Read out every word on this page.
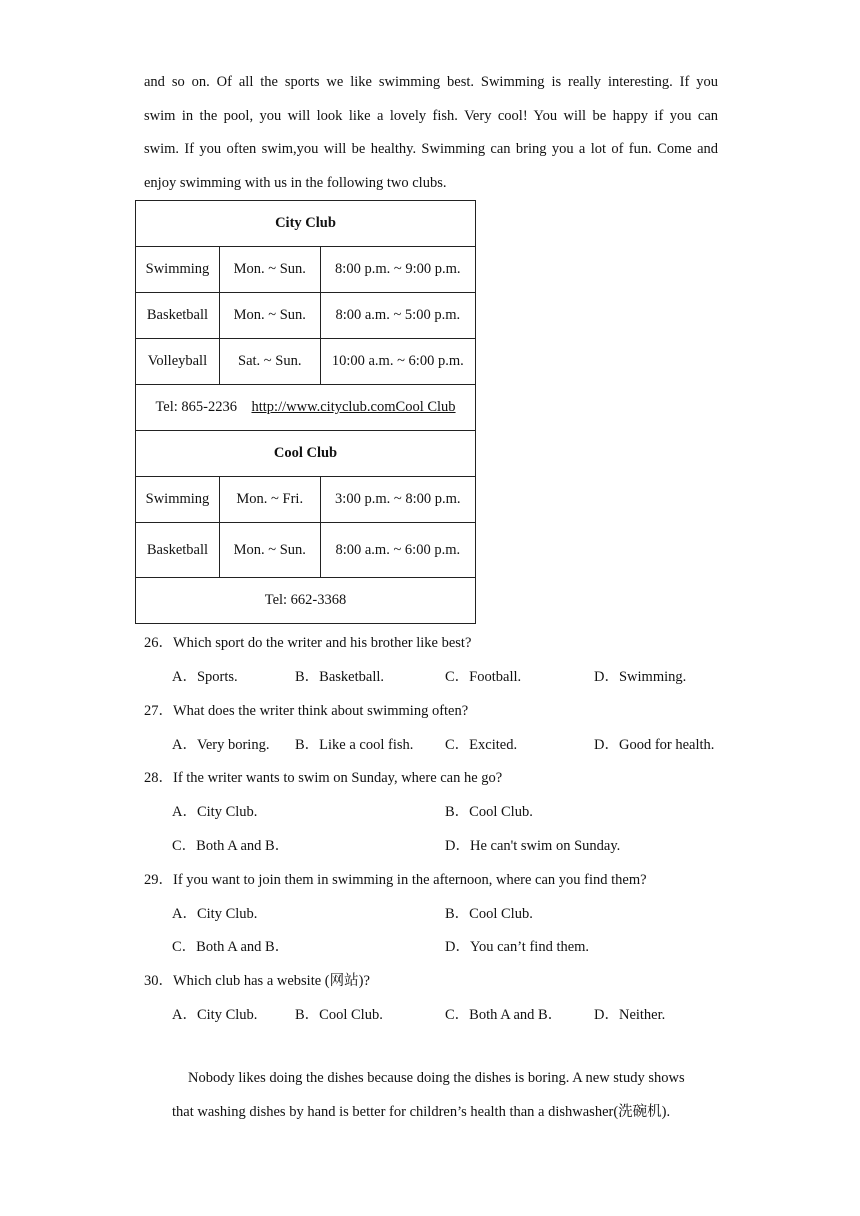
and so on. Of all the sports we like swimming best. Swimming is really interesting. If you
swim in the pool, you will look like a lovely fish. Very cool! You will be happy if you can
swim. If you often swim,you will be healthy. Swimming can bring you a lot of fun. Come and
enjoy swimming with us in the following two clubs.
City Club		
Swimming	Mon. ~ Sun.	8:00 p.m. ~ 9:00 p.m.
Basketball	Mon. ~ Sun.	8:00 a.m. ~ 5:00 p.m.
Volleyball	Sat. ~ Sun.	10:00 a.m. ~ 6:00 p.m.
Tel: 865-2236 http://www.cityclub.comCool Club		
Cool Club		
Swimming	Mon. ~ Fri.	3:00 p.m. ~ 8:00 p.m.
Basketball	Mon. ~ Sun.	8:00 a.m. ~ 6:00 p.m.
Tel: 662-3368		
26．Which sport do the writer and his brother like best?
A．Sports.	B．Basketball.	C．Football.	D．Swimming.
27．What does the writer think about swimming often?
A．Very boring. B．Like a cool fish. C．Excited.	D．Good for health.
28．If the writer wants to swim on Sunday, where can he go?
A．City Club.	B．Cool Club.
C．Both A and B．	D．He can't swim on Sunday.
29．If you want to join them in swimming in the afternoon, where can you find them?
A．City Club.	B．Cool Club.
C．Both A and B．	D．You can’t find them.
30．Which club has a website (网站)?
A．City Club.	B．Cool Club.	C．Both A and B． D．Neither.
Nobody likes doing the dishes because doing the dishes is boring. A new study shows
that washing dishes by hand is better for children’s health than a dishwasher(洗碗机).
